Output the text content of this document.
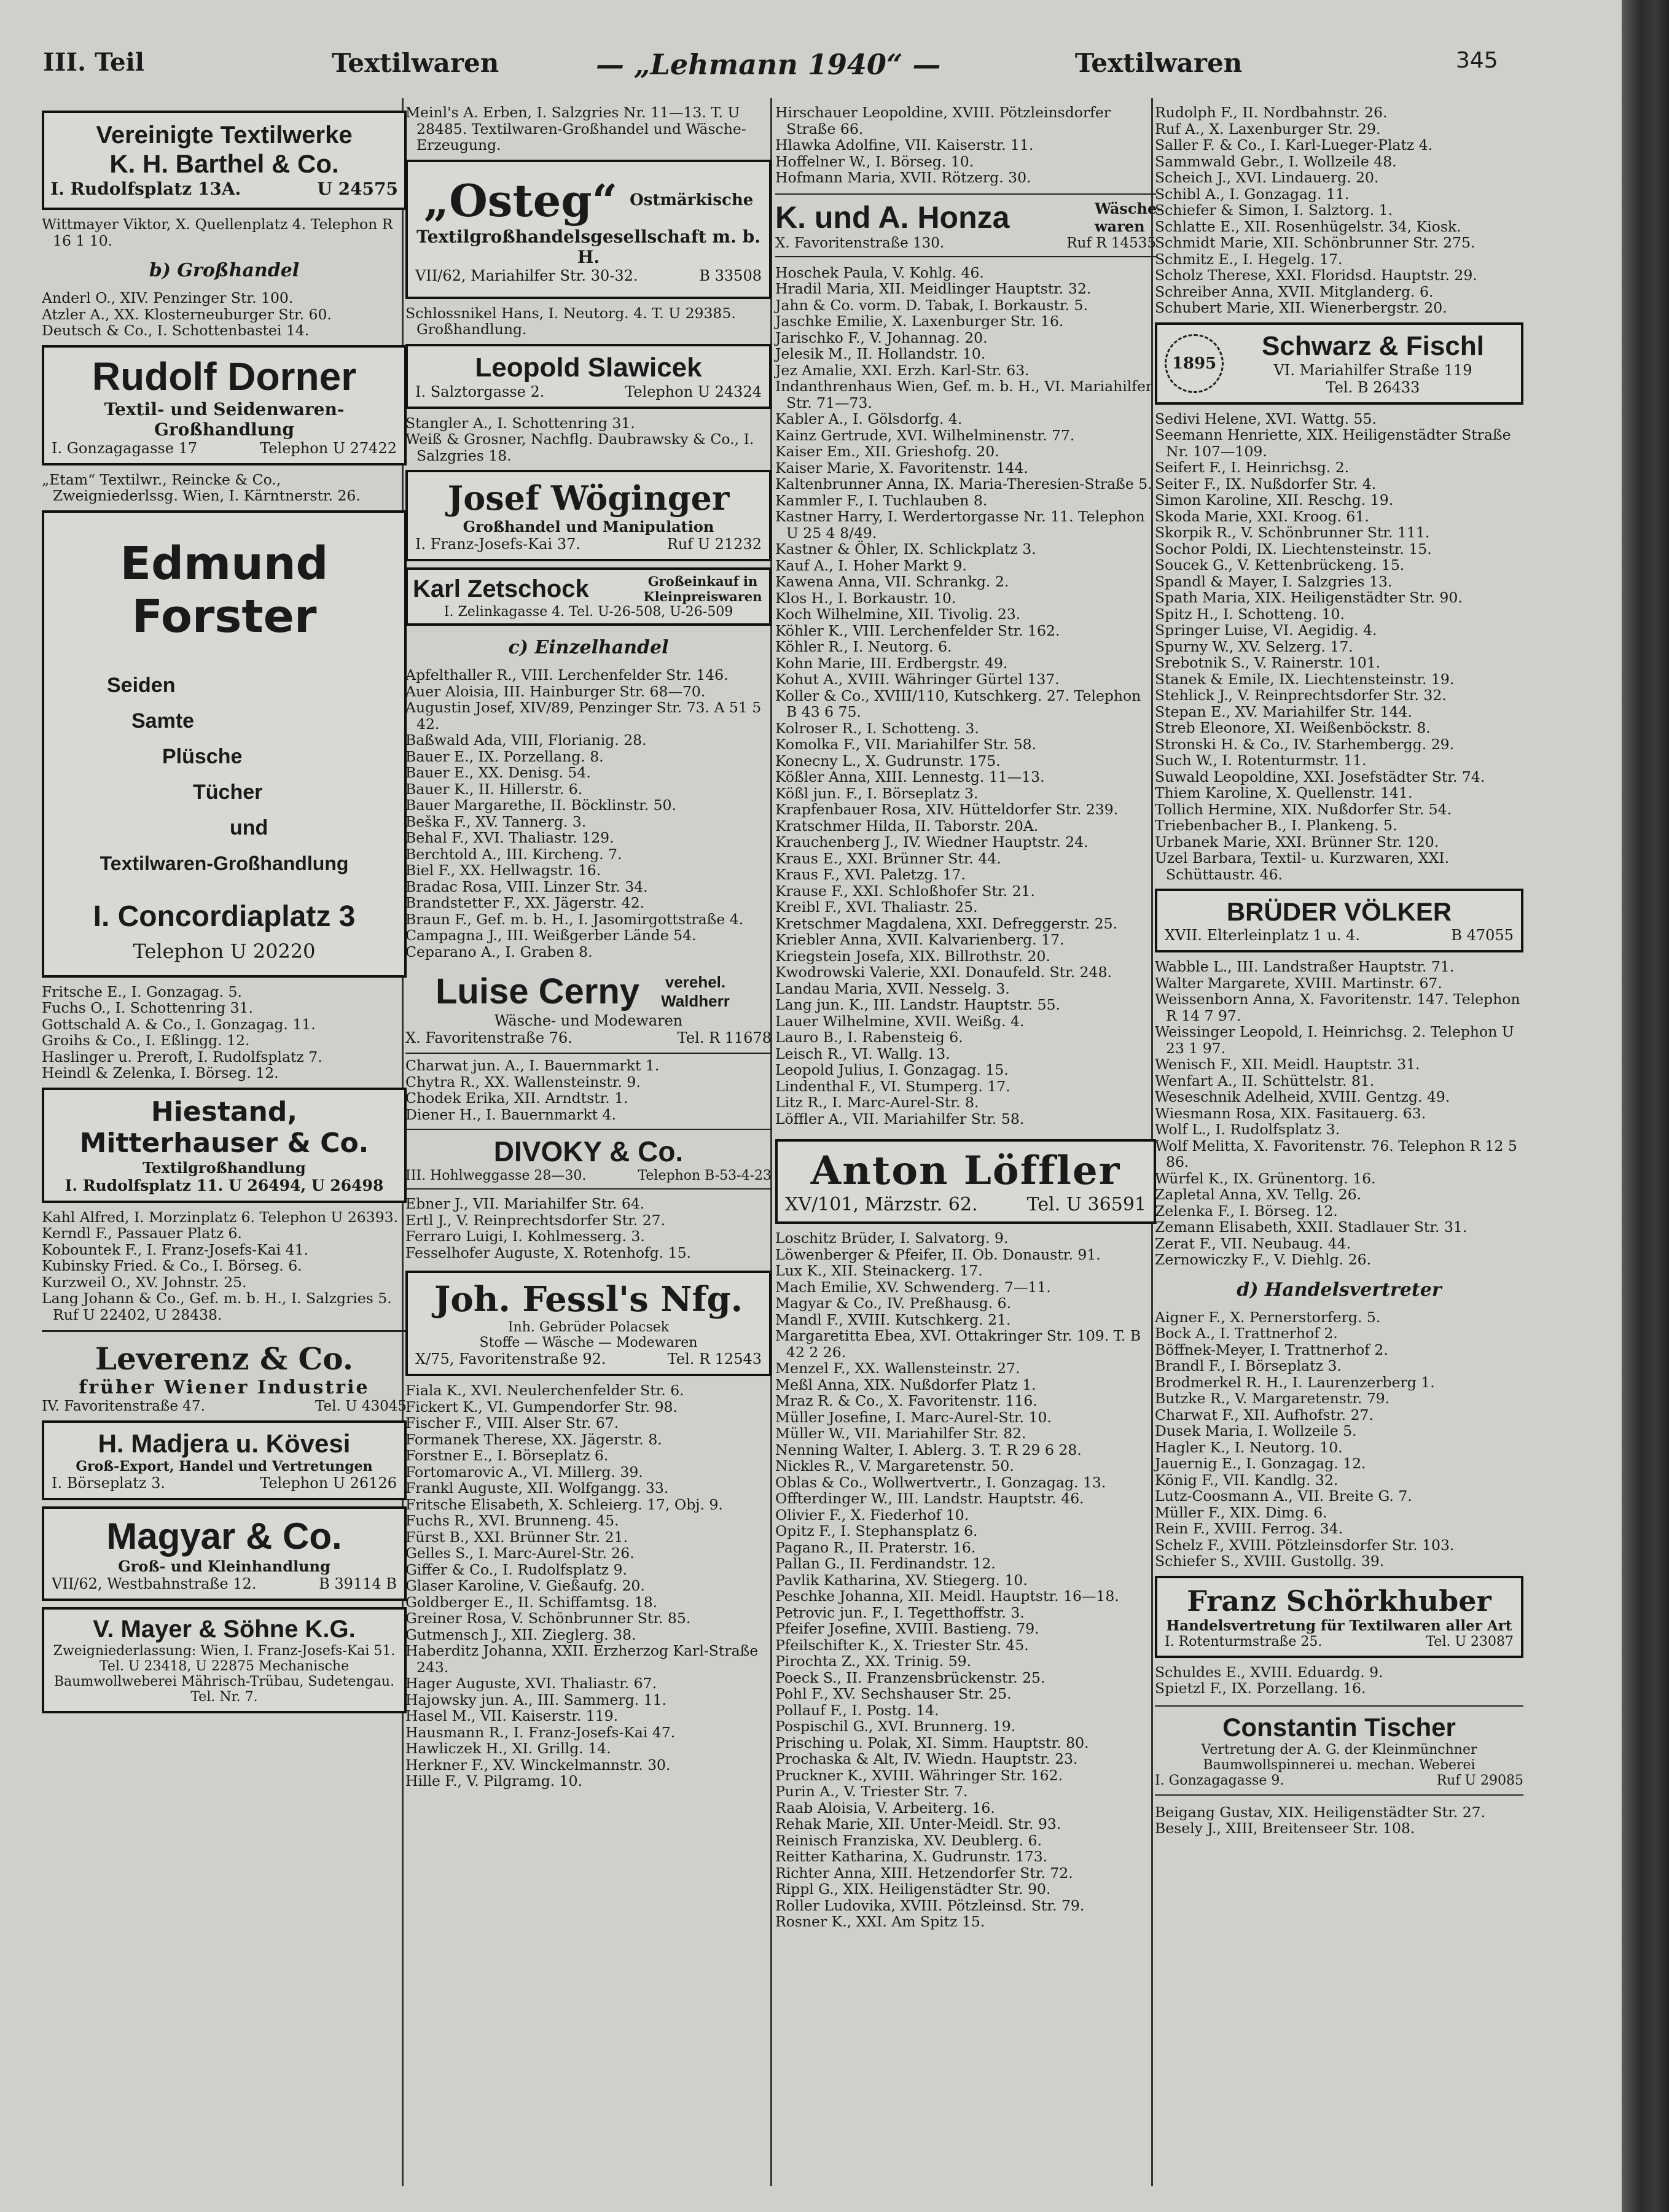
III. Teil	Textilwaren	— „Lehmann 1940“ —	Textilwaren	345
Vereinigte Textilwerke
K. H. Barthel & Co.
I. Rudolfsplatz 13A.	U 24575

Wittmayer Viktor, X. Quellenplatz 4. Telephon R 16 1 10.

b) Großhandel

Anderl O., XIV. Penzinger Str. 100.

Atzler A., XX. Klosterneuburger Str. 60.

Deutsch & Co., I. Schottenbastei 14.

Rudolf Dorner
Textil- und Seidenwaren-Großhandlung
I. Gonzagagasse 17	Telephon U 27422

„Etam“ Textilwr., Reincke & Co., Zweigniederlssg. Wien, I. Kärntnerstr. 26.

Edmund Forster
Seiden
Samte
Plüsche
Tücher
und
Textilwaren-Großhandlung
I. Concordiaplatz 3
Telephon U 20220

Fritsche E., I. Gonzagag. 5.

Fuchs O., I. Schottenring 31.

Gottschald A. & Co., I. Gonzagag. 11.

Groihs & Co., I. Eßlingg. 12.

Haslinger u. Preroft, I. Rudolfsplatz 7.

Heindl & Zelenka, I. Börseg. 12.

Hiestand, Mitterhauser & Co.
Textilgroßhandlung
I. Rudolfsplatz 11. U 26494, U 26498

Kahl Alfred, I. Morzinplatz 6. Telephon U 26393.

Kerndl F., Passauer Platz 6.

Kobountek F., I. Franz-Josefs-Kai 41.

Kubinsky Fried. & Co., I. Börseg. 6.

Kurzweil O., XV. Johnstr. 25.

Lang Johann & Co., Gef. m. b. H., I. Salzgries 5. Ruf U 22402, U 28438.

Leverenz & Co.
früher Wiener Industrie
IV. Favoritenstraße 47.	Tel. U 43045
H. Madjera u. Kövesi
Groß-Export, Handel und Vertretungen
I. Börseplatz 3.	Telephon U 26126
Magyar & Co.
Groß- und Kleinhandlung
VII/62, Westbahnstraße 12.	B 39114 B
V. Mayer & Söhne K.G.
Zweigniederlassung: Wien, I. Franz-Josefs-Kai 51. Tel. U 23418, U 22875 Mechanische Baumwollweberei Mährisch-Trübau, Sudetengau. Tel. Nr. 7.

Meinl's A. Erben, I. Salzgries Nr. 11—13. T. U 28485. Textilwaren-Großhandel und Wäsche-Erzeugung.

„Osteg“ Ostmärkische
Textilgroßhandelsgesellschaft m. b. H.
VII/62, Mariahilfer Str. 30-32.	B 33508

Schlossnikel Hans, I. Neutorg. 4. T. U 29385. Großhandlung.

Leopold Slawicek
I. Salztorgasse 2.	Telephon U 24324

Stangler A., I. Schottenring 31.

Weiß & Grosner, Nachflg. Daubrawsky & Co., I. Salzgries 18.

Josef Wöginger
Großhandel und Manipulation
I. Franz-Josefs-Kai 37.	Ruf U 21232
Karl Zetschock	Großeinkauf in Kleinpreiswaren
I. Zelinkagasse 4. Tel. U-26-508, U-26-509
c) Einzelhandel

Apfelthaller R., VIII. Lerchenfelder Str. 146.

Auer Aloisia, III. Hainburger Str. 68—70.

Augustin Josef, XIV/89, Penzinger Str. 73. A 51 5 42.

Baßwald Ada, VIII, Florianig. 28.

Bauer E., IX. Porzellang. 8.

Bauer E., XX. Denisg. 54.

Bauer K., II. Hillerstr. 6.

Bauer Margarethe, II. Böcklinstr. 50.

Beška F., XV. Tannerg. 3.

Behal F., XVI. Thaliastr. 129.

Berchtold A., III. Kircheng. 7.

Biel F., XX. Hellwagstr. 16.

Bradac Rosa, VIII. Linzer Str. 34.

Brandstetter F., XX. Jägerstr. 42.

Braun F., Gef. m. b. H., I. Jasomirgottstraße 4.

Campagna J., III. Weißgerber Lände 54.

Ceparano A., I. Graben 8.

Luise Cerny	verehel. Waldherr
Wäsche- und Modewaren
X. Favoritenstraße 76.	Tel. R 11678

Charwat jun. A., I. Bauernmarkt 1.

Chytra R., XX. Wallensteinstr. 9.

Chodek Erika, XII. Arndtstr. 1.

Diener H., I. Bauernmarkt 4.

DIVOKY & Co.
III. Hohlweggasse 28—30.	Telephon B-53-4-23

Ebner J., VII. Mariahilfer Str. 64.

Ertl J., V. Reinprechtsdorfer Str. 27.

Ferraro Luigi, I. Kohlmesserg. 3.

Fesselhofer Auguste, X. Rotenhofg. 15.

Joh. Fessl's Nfg.
Inh. Gebrüder Polacsek
Stoffe — Wäsche — Modewaren
X/75, Favoritenstraße 92.	Tel. R 12543

Fiala K., XVI. Neulerchenfelder Str. 6.

Fickert K., VI. Gumpendorfer Str. 98.

Fischer F., VIII. Alser Str. 67.

Formanek Therese, XX. Jägerstr. 8.

Forstner E., I. Börseplatz 6.

Fortomarovic A., VI. Millerg. 39.

Frankl Auguste, XII. Wolfgangg. 33.

Fritsche Elisabeth, X. Schleierg. 17, Obj. 9.

Fuchs R., XVI. Brunneng. 45.

Fürst B., XXI. Brünner Str. 21.

Gelles S., I. Marc-Aurel-Str. 26.

Giffer & Co., I. Rudolfsplatz 9.

Glaser Karoline, V. Gießaufg. 20.

Goldberger E., II. Schiffamtsg. 18.

Greiner Rosa, V. Schönbrunner Str. 85.

Gutmensch J., XII. Zieglerg. 38.

Haberditz Johanna, XXII. Erzherzog Karl-Straße 243.

Hager Auguste, XVI. Thaliastr. 67.

Hajowsky jun. A., III. Sammerg. 11.

Hasel M., VII. Kaiserstr. 119.

Hausmann R., I. Franz-Josefs-Kai 47.

Hawliczek H., XI. Grillg. 14.

Herkner F., XV. Winckelmannstr. 30.

Hille F., V. Pilgramg. 10.

Hirschauer Leopoldine, XVIII. Pötzleinsdorfer Straße 66.

Hlawka Adolfine, VII. Kaiserstr. 11.

Hoffelner W., I. Börseg. 10.

Hofmann Maria, XVII. Rötzerg. 30.

K. und A. Honza	Wäsche-waren
X. Favoritenstraße 130.	Ruf R 14535

Hoschek Paula, V. Kohlg. 46.

Hradil Maria, XII. Meidlinger Hauptstr. 32.

Jahn & Co. vorm. D. Tabak, I. Borkaustr. 5.

Jaschke Emilie, X. Laxenburger Str. 16.

Jarischko F., V. Johannag. 20.

Jelesik M., II. Hollandstr. 10.

Jez Amalie, XXI. Erzh. Karl-Str. 63.

Indanthrenhaus Wien, Gef. m. b. H., VI. Mariahilfer Str. 71—73.

Kabler A., I. Gölsdorfg. 4.

Kainz Gertrude, XVI. Wilhelminenstr. 77.

Kaiser Em., XII. Grieshofg. 20.

Kaiser Marie, X. Favoritenstr. 144.

Kaltenbrunner Anna, IX. Maria-Theresien-Straße 5.

Kammler F., I. Tuchlauben 8.

Kastner Harry, I. Werdertorgasse Nr. 11. Telephon U 25 4 8/49.

Kastner & Öhler, IX. Schlickplatz 3.

Kauf A., I. Hoher Markt 9.

Kawena Anna, VII. Schrankg. 2.

Klos H., I. Borkaustr. 10.

Koch Wilhelmine, XII. Tivolig. 23.

Köhler K., VIII. Lerchenfelder Str. 162.

Köhler R., I. Neutorg. 6.

Kohn Marie, III. Erdbergstr. 49.

Kohut A., XVIII. Währinger Gürtel 137.

Koller & Co., XVIII/110, Kutschkerg. 27. Telephon B 43 6 75.

Kolroser R., I. Schotteng. 3.

Komolka F., VII. Mariahilfer Str. 58.

Konecny L., X. Gudrunstr. 175.

Kößler Anna, XIII. Lennestg. 11—13.

Kößl jun. F., I. Börseplatz 3.

Krapfenbauer Rosa, XIV. Hütteldorfer Str. 239.

Kratschmer Hilda, II. Taborstr. 20A.

Krauchenberg J., IV. Wiedner Hauptstr. 24.

Kraus E., XXI. Brünner Str. 44.

Kraus F., XVI. Paletzg. 17.

Krause F., XXI. Schloßhofer Str. 21.

Kreibl F., XVI. Thaliastr. 25.

Kretschmer Magdalena, XXI. Defreggerstr. 25.

Kriebler Anna, XVII. Kalvarienberg. 17.

Kriegstein Josefa, XIX. Billrothstr. 20.

Kwodrowski Valerie, XXI. Donaufeld. Str. 248.

Landau Maria, XVII. Nesselg. 3.

Lang jun. K., III. Landstr. Hauptstr. 55.

Lauer Wilhelmine, XVII. Weißg. 4.

Lauro B., I. Rabensteig 6.

Leisch R., VI. Wallg. 13.

Leopold Julius, I. Gonzagag. 15.

Lindenthal F., VI. Stumperg. 17.

Litz R., I. Marc-Aurel-Str. 8.

Löffler A., VII. Mariahilfer Str. 58.

Anton Löffler
XV/101, Märzstr. 62.	Tel. U 36591

Loschitz Brüder, I. Salvatorg. 9.

Löwenberger & Pfeifer, II. Ob. Donaustr. 91.

Lux K., XII. Steinackerg. 17.

Mach Emilie, XV. Schwenderg. 7—11.

Magyar & Co., IV. Preßhausg. 6.

Mandl F., XVIII. Kutschkerg. 21.

Margaretitta Ebea, XVI. Ottakringer Str. 109. T. B 42 2 26.

Menzel F., XX. Wallensteinstr. 27.

Meßl Anna, XIX. Nußdorfer Platz 1.

Mraz R. & Co., X. Favoritenstr. 116.

Müller Josefine, I. Marc-Aurel-Str. 10.

Müller W., VII. Mariahilfer Str. 82.

Nenning Walter, I. Ablerg. 3. T. R 29 6 28.

Nickles R., V. Margaretenstr. 50.

Oblas & Co., Wollwertvertr., I. Gonzagag. 13.

Offterdinger W., III. Landstr. Hauptstr. 46.

Olivier F., X. Fiederhof 10.

Opitz F., I. Stephansplatz 6.

Pagano R., II. Praterstr. 16.

Pallan G., II. Ferdinandstr. 12.

Pavlik Katharina, XV. Stiegerg. 10.

Peschke Johanna, XII. Meidl. Hauptstr. 16—18.

Petrovic jun. F., I. Tegetthoffstr. 3.

Pfeifer Josefine, XVIII. Bastieng. 79.

Pfeilschifter K., X. Triester Str. 45.

Pirochta Z., XX. Trinig. 59.

Poeck S., II. Franzensbrückenstr. 25.

Pohl F., XV. Sechshauser Str. 25.

Pollauf F., I. Postg. 14.

Pospischil G., XVI. Brunnerg. 19.

Prisching u. Polak, XI. Simm. Hauptstr. 80.

Prochaska & Alt, IV. Wiedn. Hauptstr. 23.

Pruckner K., XVIII. Währinger Str. 162.

Purin A., V. Triester Str. 7.

Raab Aloisia, V. Arbeiterg. 16.

Rehak Marie, XII. Unter-Meidl. Str. 93.

Reinisch Franziska, XV. Deublerg. 6.

Reitter Katharina, X. Gudrunstr. 173.

Richter Anna, XIII. Hetzendorfer Str. 72.

Rippl G., XIX. Heiligenstädter Str. 90.

Roller Ludovika, XVIII. Pötzleinsd. Str. 79.

Rosner K., XXI. Am Spitz 15.

Rudolph F., II. Nordbahnstr. 26.

Ruf A., X. Laxenburger Str. 29.

Saller F. & Co., I. Karl-Lueger-Platz 4.

Sammwald Gebr., I. Wollzeile 48.

Scheich J., XVI. Lindauerg. 20.

Schibl A., I. Gonzagag. 11.

Schiefer & Simon, I. Salztorg. 1.

Schlatte E., XII. Rosenhügelstr. 34, Kiosk.

Schmidt Marie, XII. Schönbrunner Str. 275.

Schmitz E., I. Hegelg. 17.

Scholz Therese, XXI. Floridsd. Hauptstr. 29.

Schreiber Anna, XVII. Mitglanderg. 6.

Schubert Marie, XII. Wienerbergstr. 20.

1895
Schwarz & Fischl
VI. Mariahilfer Straße 119
Tel. B 26433

Sedivi Helene, XVI. Wattg. 55.

Seemann Henriette, XIX. Heiligenstädter Straße Nr. 107—109.

Seifert F., I. Heinrichsg. 2.

Seiter F., IX. Nußdorfer Str. 4.

Simon Karoline, XII. Reschg. 19.

Skoda Marie, XXI. Kroog. 61.

Skorpik R., V. Schönbrunner Str. 111.

Sochor Poldi, IX. Liechtensteinstr. 15.

Soucek G., V. Kettenbrückeng. 15.

Spandl & Mayer, I. Salzgries 13.

Spath Maria, XIX. Heiligenstädter Str. 90.

Spitz H., I. Schotteng. 10.

Springer Luise, VI. Aegidig. 4.

Spurny W., XV. Selzerg. 17.

Srebotnik S., V. Rainerstr. 101.

Stanek & Emile, IX. Liechtensteinstr. 19.

Stehlick J., V. Reinprechtsdorfer Str. 32.

Stepan E., XV. Mariahilfer Str. 144.

Streb Eleonore, XI. Weißenböckstr. 8.

Stronski H. & Co., IV. Starhembergg. 29.

Such W., I. Rotenturmstr. 11.

Suwald Leopoldine, XXI. Josefstädter Str. 74.

Thiem Karoline, X. Quellenstr. 141.

Tollich Hermine, XIX. Nußdorfer Str. 54.

Triebenbacher B., I. Plankeng. 5.

Urbanek Marie, XXI. Brünner Str. 120.

Uzel Barbara, Textil- u. Kurzwaren, XXI. Schüttaustr. 46.

BRÜDER VÖLKER
XVII. Elterleinplatz 1 u. 4.	B 47055

Wabble L., III. Landstraßer Hauptstr. 71.

Walter Margarete, XVIII. Martinstr. 67.

Weissenborn Anna, X. Favoritenstr. 147. Telephon R 14 7 97.

Weissinger Leopold, I. Heinrichsg. 2. Telephon U 23 1 97.

Wenisch F., XII. Meidl. Hauptstr. 31.

Wenfart A., II. Schüttelstr. 81.

Weseschnik Adelheid, XVIII. Gentzg. 49.

Wiesmann Rosa, XIX. Fasitauerg. 63.

Wolf L., I. Rudolfsplatz 3.

Wolf Melitta, X. Favoritenstr. 76. Telephon R 12 5 86.

Würfel K., IX. Grünentorg. 16.

Zapletal Anna, XV. Tellg. 26.

Zelenka F., I. Börseg. 12.

Zemann Elisabeth, XXII. Stadlauer Str. 31.

Zerat F., VII. Neubaug. 44.

Zernowiczky F., V. Diehlg. 26.

d) Handelsvertreter

Aigner F., X. Pernerstorferg. 5.

Bock A., I. Trattnerhof 2.

Böffnek-Meyer, I. Trattnerhof 2.

Brandl F., I. Börseplatz 3.

Brodmerkel R. H., I. Laurenzerberg 1.

Butzke R., V. Margaretenstr. 79.

Charwat F., XII. Aufhofstr. 27.

Dusek Maria, I. Wollzeile 5.

Hagler K., I. Neutorg. 10.

Jauernig E., I. Gonzagag. 12.

König F., VII. Kandlg. 32.

Lutz-Coosmann A., VII. Breite G. 7.

Müller F., XIX. Dimg. 6.

Rein F., XVIII. Ferrog. 34.

Schelz F., XVIII. Pötzleinsdorfer Str. 103.

Schiefer S., XVIII. Gustollg. 39.

Franz Schörkhuber
Handelsvertretung für Textilwaren aller Art
I. Rotenturmstraße 25.	Tel. U 23087

Schuldes E., XVIII. Eduardg. 9.

Spietzl F., IX. Porzellang. 16.

Constantin Tischer
Vertretung der A. G. der Kleinmünchner Baumwollspinnerei u. mechan. Weberei
I. Gonzagagasse 9.	Ruf U 29085

Beigang Gustav, XIX. Heiligenstädter Str. 27.

Besely J., XIII, Breitenseer Str. 108.
